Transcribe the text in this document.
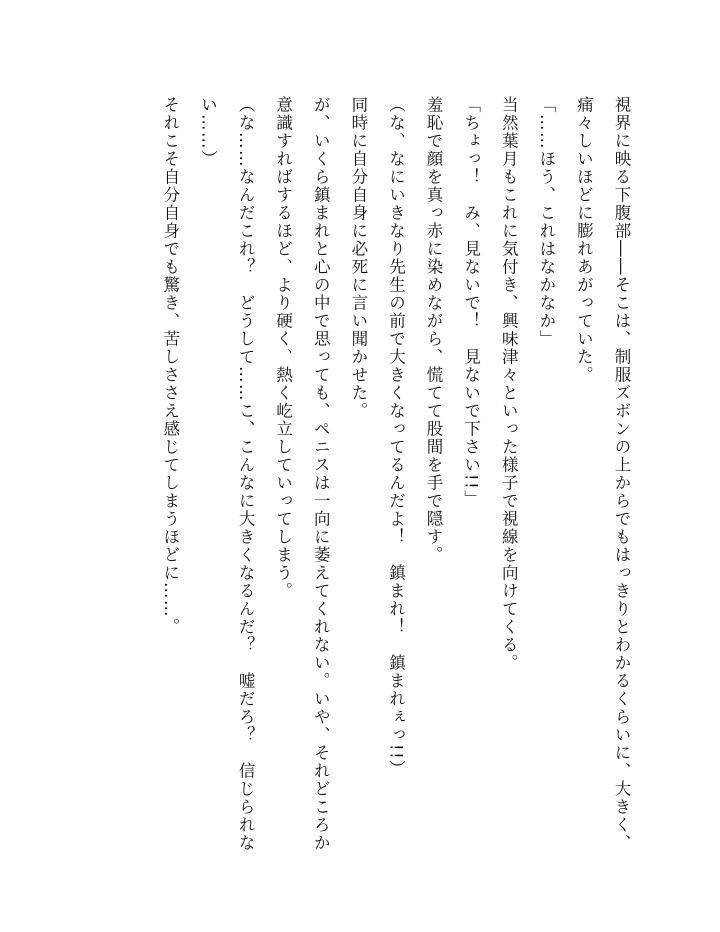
視界に映る下腹部――そこは、制服ズボンの上からでもはっきりとわかるくらいに、大きく、痛々しいほどに膨れあがっていた。

「……ほう、これはなかなか」

当然葉月もこれに気付き、興味津々といった様子で視線を向けてくる。

「ちょっ！　み、見ないで！　見ないで下さい!!」

羞恥で顔を真っ赤に染めながら、慌てて股間を手で隠す。

（な、なにいきなり先生の前で大きくなってるんだよ！　鎮まれ！　鎮まれぇっ!!）

同時に自分自身に必死に言い聞かせた。

が、いくら鎮まれと心の中で思っても、ペニスは一向に萎えてくれない。いや、それどころか意識すればするほど、より硬く、熱く屹立していってしまう。

（な……なんだこれ？　どうして……こ、こんなに大きくなるんだ？　嘘だろ？　信じられない……）

それこそ自分自身でも驚き、苦しささえ感じてしまうほどに……。
